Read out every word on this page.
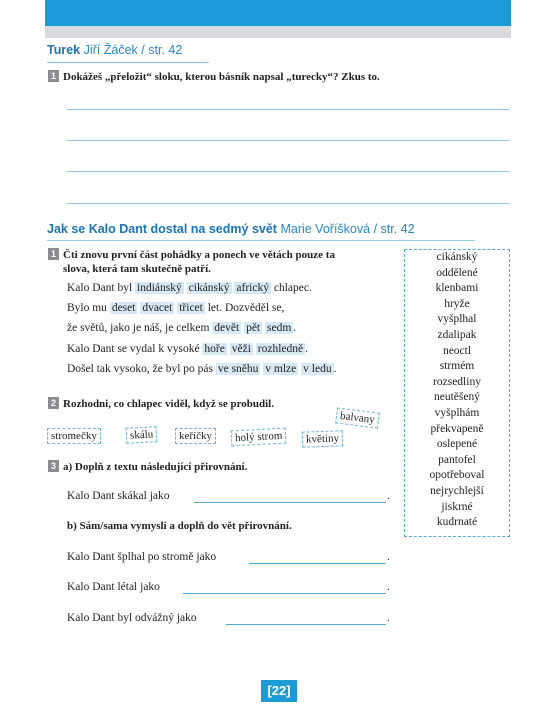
Turek Jiří Žáček / str. 42
1 Dokážeš „přeložit“ sloku, kterou básník napsal „turecky“? Zkus to.
Jak se Kalo Dant dostal na sedmý svět Marie Voříšková / str. 42
1 Čti znovu první část pohádky a ponech ve větách pouze ta
slova, která tam skutečně patří.
Kalo Dant byl indiánský cikánský africký chlapec.
Bylo mu deset dvacet třicet let. Dozvěděl se,
že světů, jako je náš, je celkem devět pět sedm .
Kalo Dant se vydal k vysoké hoře věži rozhledně .
Došel tak vysoko, že byl po pás ve sněhu v mlze v ledu .
2 Rozhodni, co chlapec viděl, když se probudil.
stromečky	skálu	keříčky	holý strom	květiny
balvany
3 a) Doplň z textu následující přirovnání.
Kalo Dant skákal jako	.
b) Sám/sama vymysli a doplň do vět přirovnání.
Kalo Dant šplhal po stromě jako	.
Kalo Dant létal jako	.
Kalo Dant byl odvážný jako	.
cikánský
oddělené
klenbami
hryže
vyšplhal
zdalipak
neoctl
strmém
rozsedliny
neutěšený
vyšplhám
překvapeně
oslepené
pantofel
opotřeboval
nejrychlejší
jiskrné
kudrnaté
[22]
